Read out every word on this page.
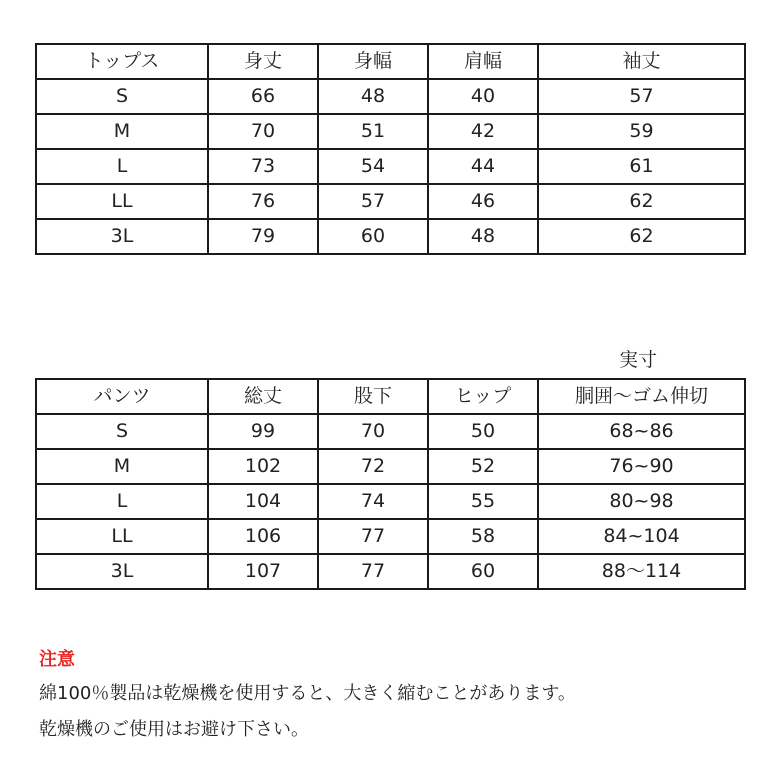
トップス	身丈	身幅	肩幅	袖丈
S	66	48	40	57
M	70	51	42	59
L	73	54	44	61
LL	76	57	46	62
3L	79	60	48	62
実寸
パンツ	総丈	股下	ヒップ	胴囲〜ゴム伸切
S	99	70	50	68~86
M	102	72	52	76~90
L	104	74	55	80~98
LL	106	77	58	84~104
3L	107	77	60	88〜114
注意
綿100％製品は乾燥機を使用すると、大きく縮むことがあります。
乾燥機のご使用はお避け下さい。
